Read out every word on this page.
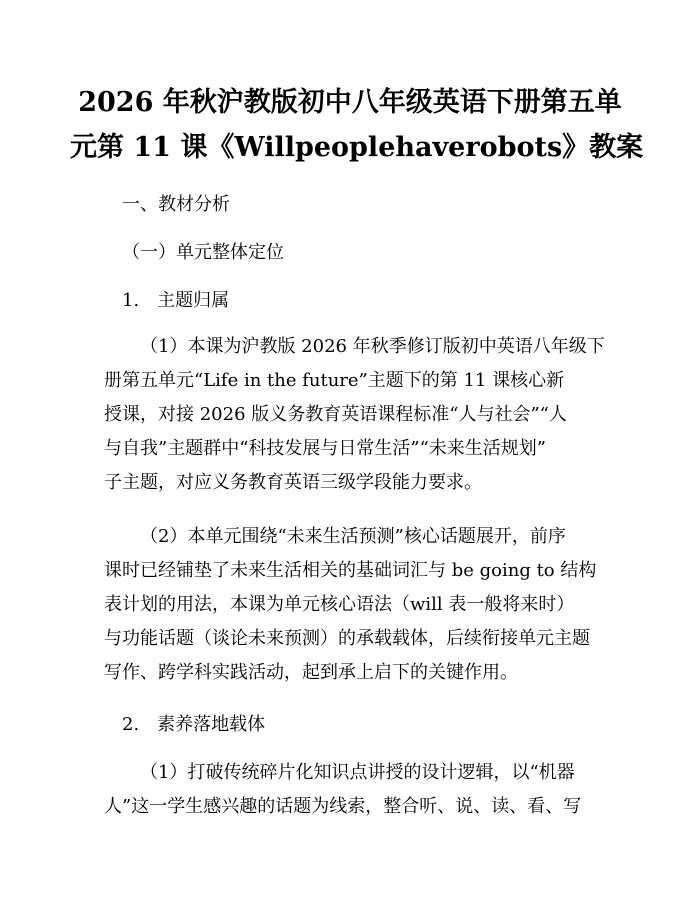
2026 年秋沪教版初中八年级英语下册第五单
元第 11 课《Willpeoplehaverobots》教案
一、教材分析
（一）单元整体定位
1.　主题归属
（1）本课为沪教版 2026 年秋季修订版初中英语八年级下
册第五单元“Life in the future”主题下的第 11 课核心新
授课，对接 2026 版义务教育英语课程标准“人与社会”“人
与自我”主题群中“科技发展与日常生活”“未来生活规划”
子主题，对应义务教育英语三级学段能力要求。
（2）本单元围绕“未来生活预测”核心话题展开，前序
课时已经铺垫了未来生活相关的基础词汇与 be going to 结构
表计划的用法，本课为单元核心语法（will 表一般将来时）
与功能话题（谈论未来预测）的承载载体，后续衔接单元主题
写作、跨学科实践活动，起到承上启下的关键作用。
2.　素养落地载体
（1）打破传统碎片化知识点讲授的设计逻辑，以“机器
人”这一学生感兴趣的话题为线索，整合听、说、读、看、写
